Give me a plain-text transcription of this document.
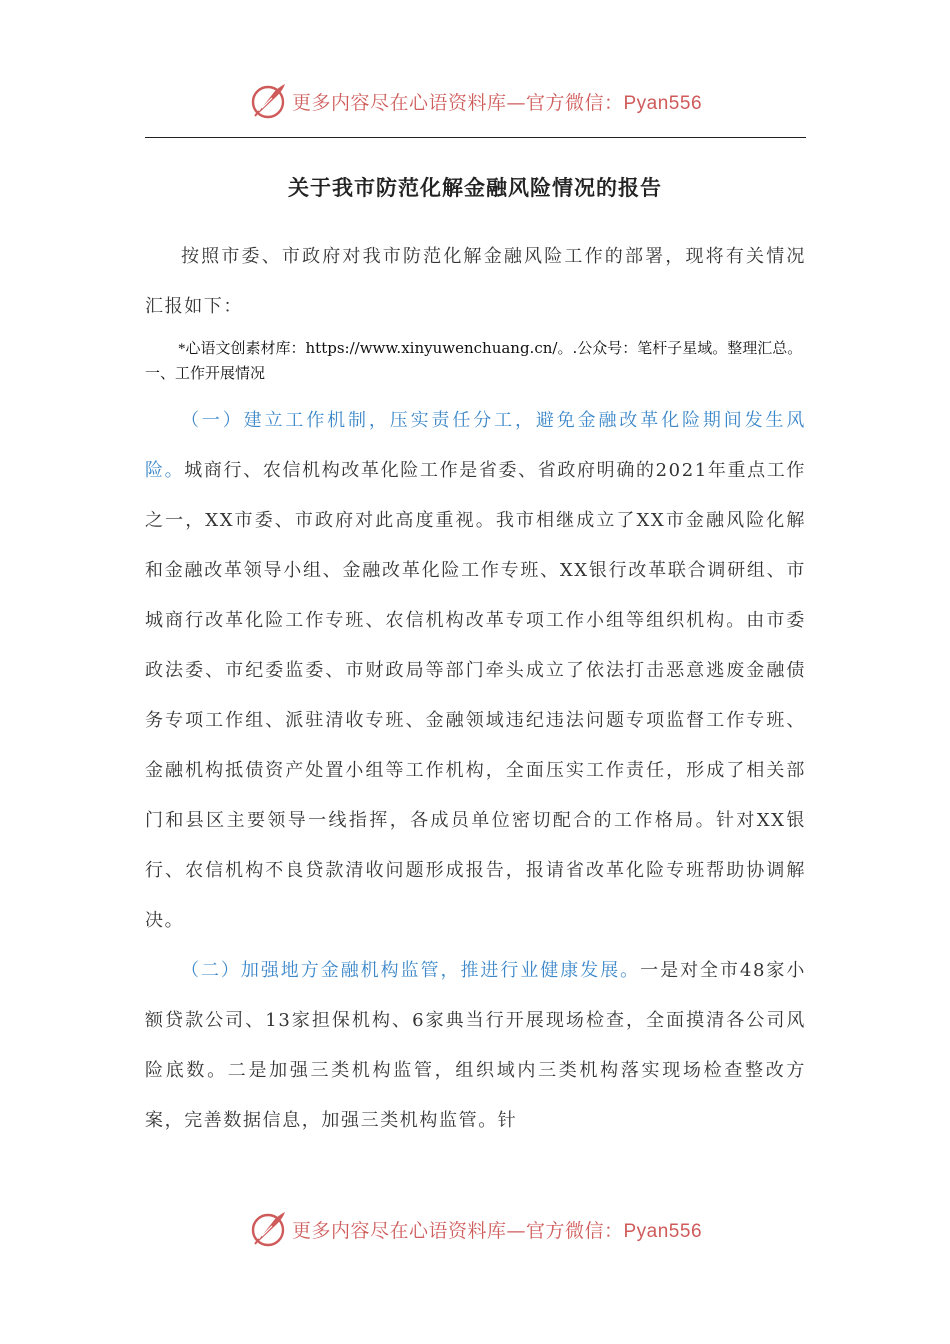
更多内容尽在心语资料库—官方微信：Pyan556
关于我市防范化解金融风险情况的报告

按照市委、市政府对我市防范化解金融风险工作的部署，现将有关情况汇报如下：

*心语文创素材库：https://www.xinyuwenchuang.cn/。.公众号：笔杆子星域。整理汇总。一、工作开展情况

（一）建立工作机制，压实责任分工，避免金融改革化险期间发生风险。城商行、农信机构改革化险工作是省委、省政府明确的2021年重点工作之一，XX市委、市政府对此高度重视。我市相继成立了XX市金融风险化解和金融改革领导小组、金融改革化险工作专班、XX银行改革联合调研组、市城商行改革化险工作专班、农信机构改革专项工作小组等组织机构。由市委政法委、市纪委监委、市财政局等部门牵头成立了依法打击恶意逃废金融债务专项工作组、派驻清收专班、金融领域违纪违法问题专项监督工作专班、金融机构抵债资产处置小组等工作机构，全面压实工作责任，形成了相关部门和县区主要领导一线指挥，各成员单位密切配合的工作格局。针对XX银行、农信机构不良贷款清收问题形成报告，报请省改革化险专班帮助协调解决。

（二）加强地方金融机构监管，推进行业健康发展。一是对全市48家小额贷款公司、13家担保机构、6家典当行开展现场检查，全面摸清各公司风险底数。二是加强三类机构监管，组织域内三类机构落实现场检查整改方案，完善数据信息，加强三类机构监管。针

更多内容尽在心语资料库—官方微信：Pyan556
